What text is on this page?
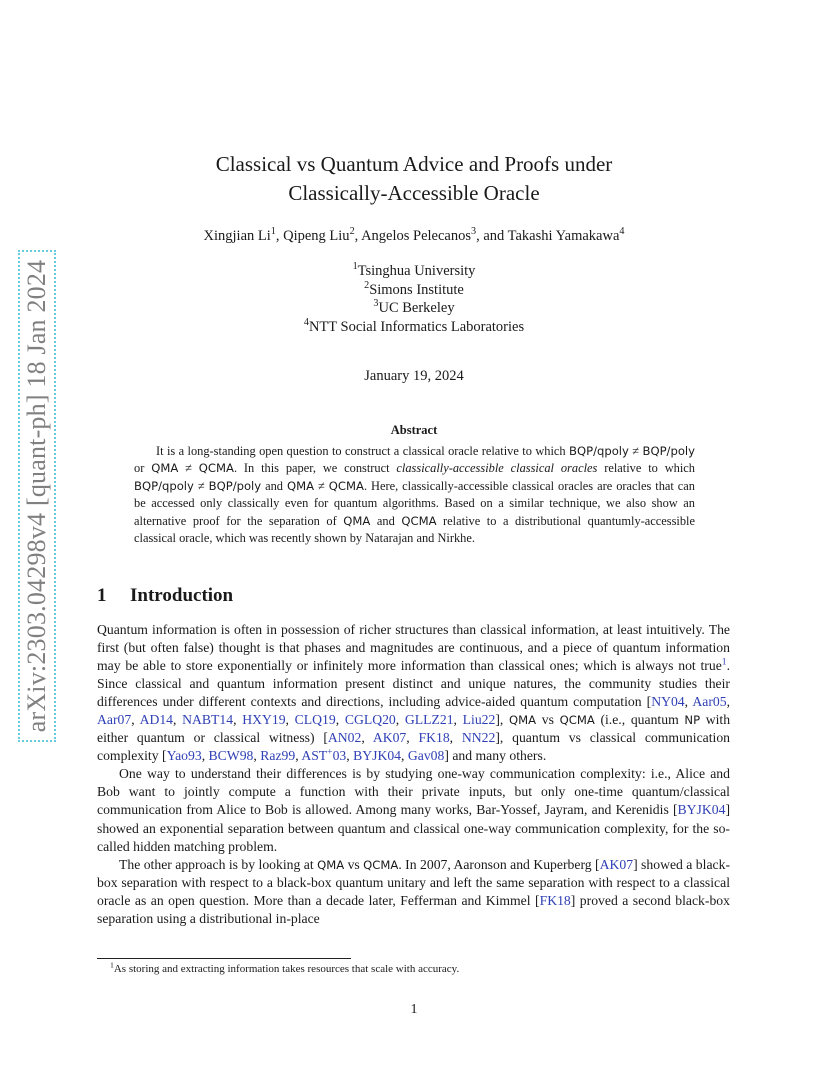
arXiv:2303.04298v4 [quant-ph] 18 Jan 2024
Classical vs Quantum Advice and Proofs under
Classically-Accessible Oracle
Xingjian Li$^1$, Qipeng Liu$^2$, Angelos Pelecanos$^3$, and Takashi Yamakawa$^4$
$^1$Tsinghua University
$^2$Simons Institute
$^3$UC Berkeley
$^4$NTT Social Informatics Laboratories
January 19, 2024
Abstract

It is a long-standing open question to construct a classical oracle relative to which BQP/qpoly ≠ BQP/poly or QMA ≠ QCMA. In this paper, we construct classically-accessible classical oracles relative to which BQP/qpoly ≠ BQP/poly and QMA ≠ QCMA. Here, classically-accessible classical oracles are oracles that can be accessed only classically even for quantum algorithms. Based on a similar technique, we also show an alternative proof for the separation of QMA and QCMA relative to a distributional quantumly-accessible classical oracle, which was recently shown by Natarajan and Nirkhe.

1 Introduction

Quantum information is often in possession of richer structures than classical information, at least intuitively. The first (but often false) thought is that phases and magnitudes are continuous, and a piece of quantum information may be able to store exponentially or infinitely more information than classical ones; which is always not true$^1$. Since classical and quantum information present distinct and unique natures, the community studies their differences under different contexts and directions, including advice-aided quantum computation [NY04, Aar05, Aar07, AD14, NABT14, HXY19, CLQ19, CGLQ20, GLLZ21, Liu22], QMA vs QCMA (i.e., quantum NP with either quantum or classical witness) [AN02, AK07, FK18, NN22], quantum vs classical communication complexity [Yao93, BCW98, Raz99, AST+03, BYJK04, Gav08] and many others.

One way to understand their differences is by studying one-way communication complexity: i.e., Alice and Bob want to jointly compute a function with their private inputs, but only one-time quantum/classical communication from Alice to Bob is allowed. Among many works, Bar-Yossef, Jayram, and Kerenidis [BYJK04] showed an exponential separation between quantum and classical one-way communication complexity, for the so-called hidden matching problem.

The other approach is by looking at QMA vs QCMA. In 2007, Aaronson and Kuperberg [AK07] showed a black-box separation with respect to a black-box quantum unitary and left the same separation with respect to a classical oracle as an open question. More than a decade later, Fefferman and Kimmel [FK18] proved a second black-box separation using a distributional in-place

$^1$As storing and extracting information takes resources that scale with accuracy.
1
